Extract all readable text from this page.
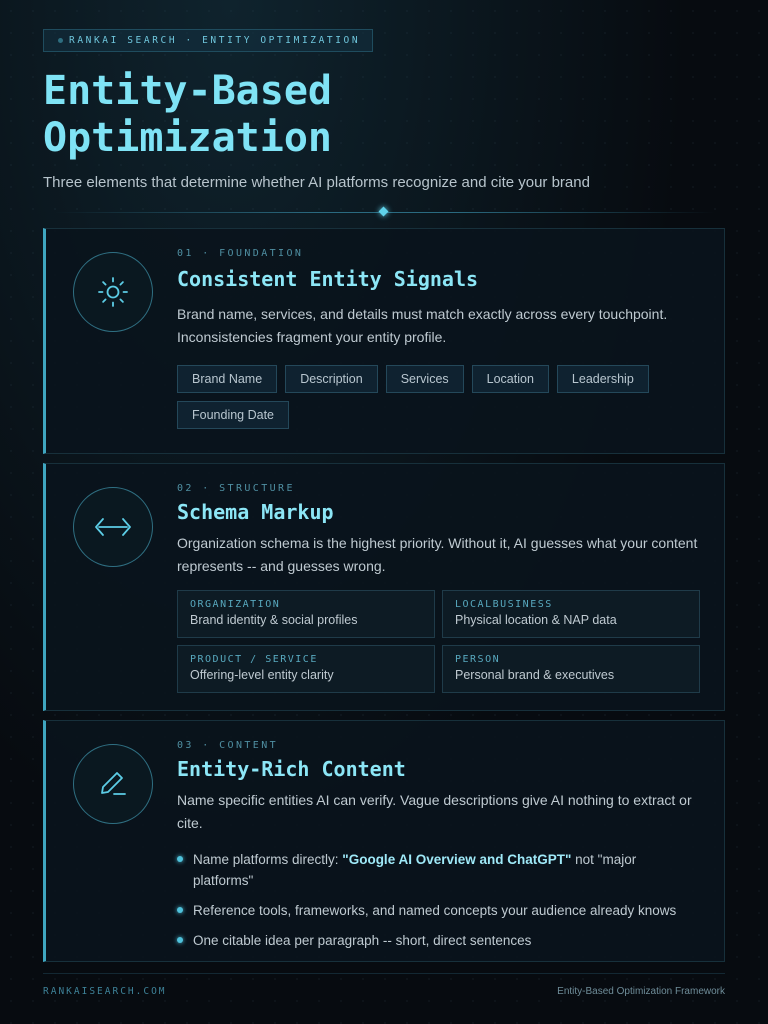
RANKAI SEARCH · ENTITY OPTIMIZATION
Entity-Based
Optimization
Three elements that determine whether AI platforms recognize and cite your brand
01 · FOUNDATION
Consistent Entity Signals
Brand name, services, and details must match exactly across every touchpoint. Inconsistencies fragment your entity profile.
Brand Name	Description	Services	Location	Leadership
Founding Date
02 · STRUCTURE
Schema Markup
Organization schema is the highest priority. Without it, AI guesses what your content represents -- and guesses wrong.
ORGANIZATION
Brand identity & social profiles
LOCALBUSINESS
Physical location & NAP data
PRODUCT / SERVICE
Offering-level entity clarity
PERSON
Personal brand & executives
03 · CONTENT
Entity-Rich Content
Name specific entities AI can verify. Vague descriptions give AI nothing to extract or cite.
Name platforms directly: "Google AI Overview and ChatGPT" not "major platforms"
Reference tools, frameworks, and named concepts your audience already knows
One citable idea per paragraph -- short, direct sentences
RANKAISEARCH.COM	Entity-Based Optimization Framework
